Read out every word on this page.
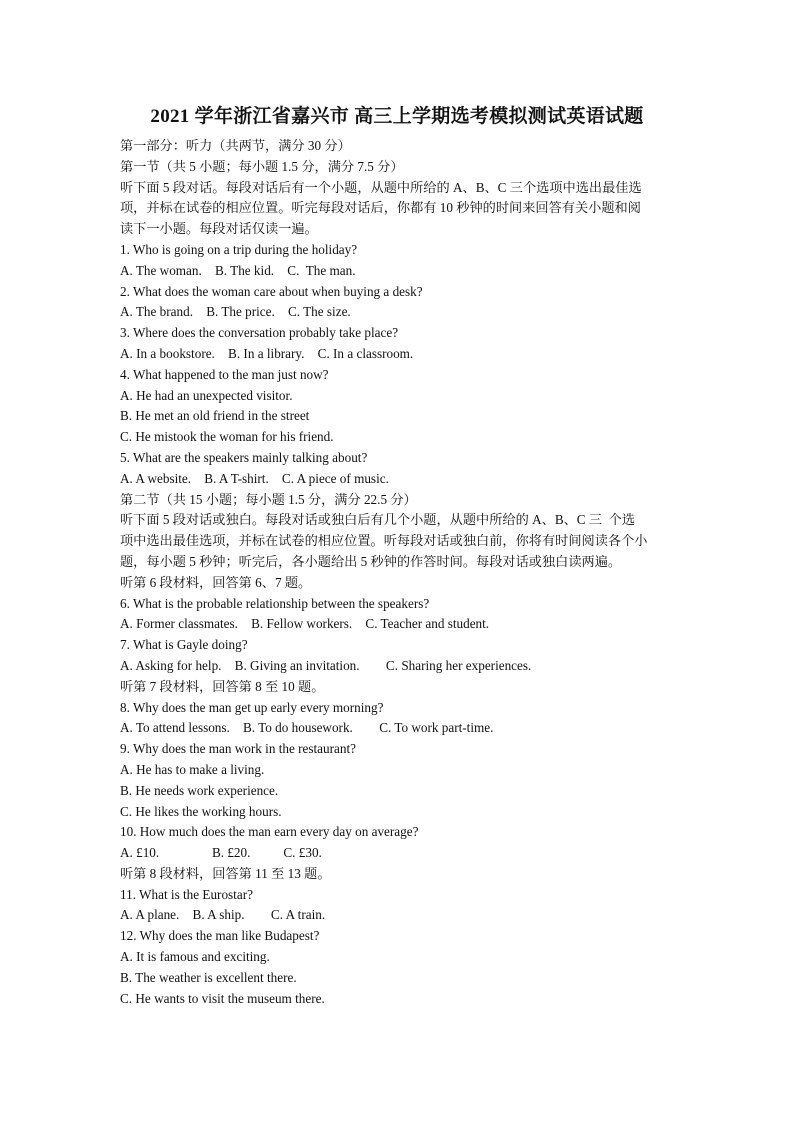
2021 学年浙江省嘉兴市 高三上学期选考模拟测试英语试题
第一部分：听力（共两节，满分 30 分）
第一节（共 5 小题；每小题 1.5 分，满分 7.5 分）
听下面 5 段对话。每段对话后有一个小题，从题中所给的 A、B、C 三个选项中选出最佳选
项，并标在试卷的相应位置。听完每段对话后，你都有 10 秒钟的时间来回答有关小题和阅
读下一小题。每段对话仅读一遍。
1. Who is going on a trip during the holiday?
A. The woman.    B. The kid.    C.  The man.
2. What does the woman care about when buying a desk?
A. The brand.    B. The price.    C. The size.
3. Where does the conversation probably take place?
A. In a bookstore.    B. In a library.    C. In a classroom.
4. What happened to the man just now?
A. He had an unexpected visitor.
B. He met an old friend in the street
C. He mistook the woman for his friend.
5. What are the speakers mainly talking about?
A. A website.    B. A T-shirt.    C. A piece of music.
第二节（共 15 小题；每小题 1.5 分，满分 22.5 分）
听下面 5 段对话或独白。每段对话或独白后有几个小题，从题中所给的 A、B、C 三  个选
项中选出最佳选项，并标在试卷的相应位置。听每段对话或独白前，你将有时间阅读各个小
题，每小题 5 秒钟；听完后，各小题给出 5 秒钟的作答时间。每段对话或独白读两遍。
听第 6 段材料，回答第 6、7 题。
6. What is the probable relationship between the speakers?
A. Former classmates.    B. Fellow workers.    C. Teacher and student.
7. What is Gayle doing?
A. Asking for help.    B. Giving an invitation.        C. Sharing her experiences.
听第 7 段材料，回答第 8 至 10 题。
8. Why does the man get up early every morning?
A. To attend lessons.    B. To do housework.        C. To work part-time.
9. Why does the man work in the restaurant?
A. He has to make a living.
B. He needs work experience.
C. He likes the working hours.
10. How much does the man earn every day on average?
A. £10.                B. £20.          C. £30.
听第 8 段材料，回答第 11 至 13 题。
11. What is the Eurostar?
A. A plane.    B. A ship.        C. A train.
12. Why does the man like Budapest?
A. It is famous and exciting.
B. The weather is excellent there.
C. He wants to visit the museum there.
